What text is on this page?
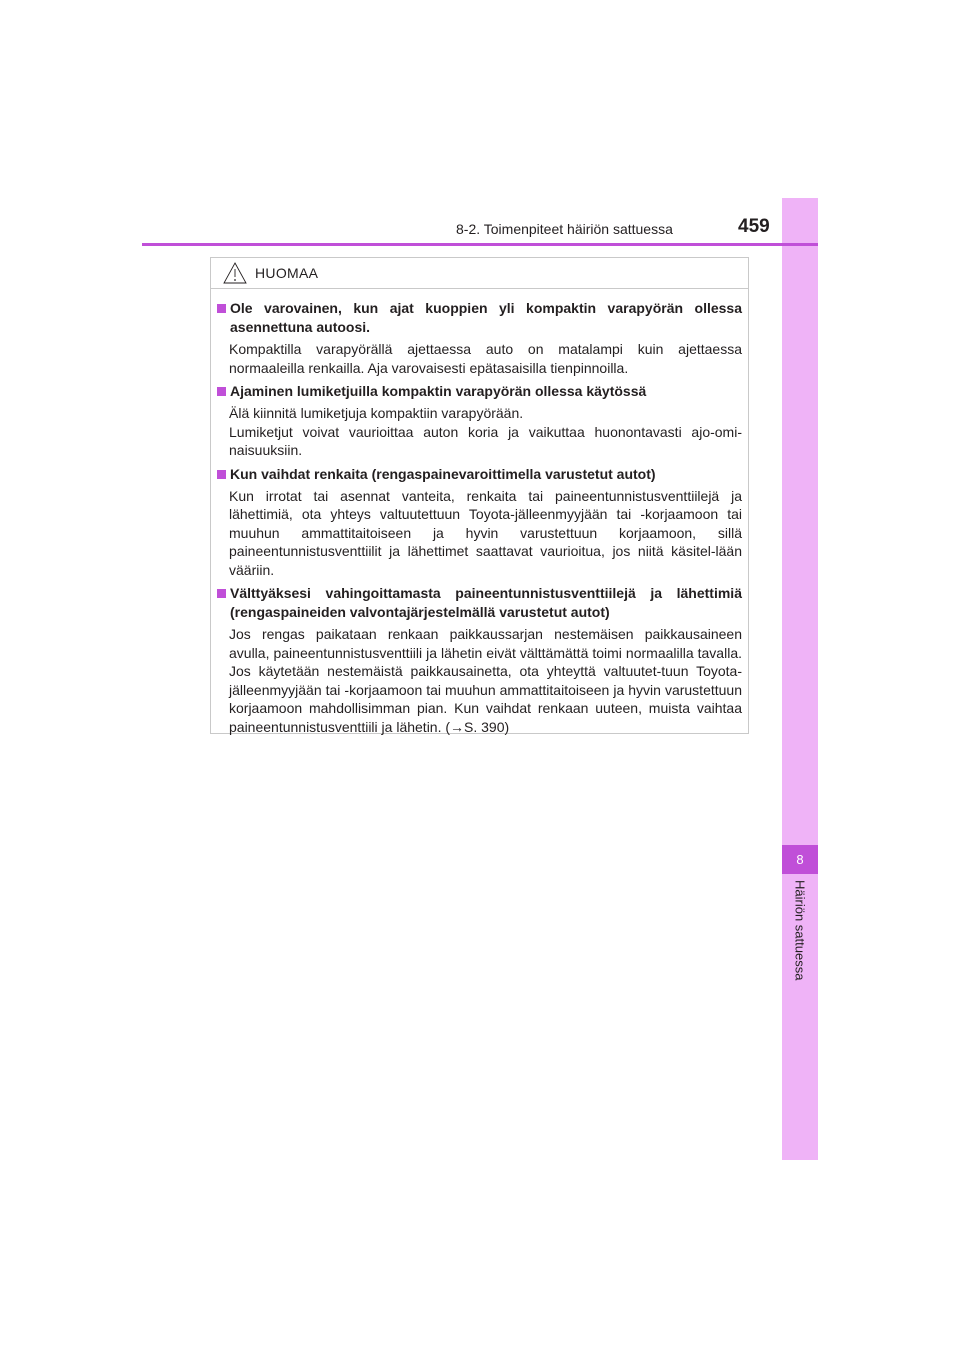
8
Häiriön sattuessa
8-2. Toimenpiteet häiriön sattuessa	459
HUOMAA
Ole varovainen, kun ajat kuoppien yli kompaktin varapyörän ollessa asennettuna autoosi.
Kompaktilla varapyörällä ajettaessa auto on matalampi kuin ajettaessa normaaleilla renkailla. Aja varovaisesti epätasaisilla tienpinnoilla.
Ajaminen lumiketjuilla kompaktin varapyörän ollessa käytössä
Älä kiinnitä lumiketjuja kompaktiin varapyörään.
Lumiketjut voivat vaurioittaa auton koria ja vaikuttaa huonontavasti ajo-omi-naisuuksiin.
Kun vaihdat renkaita (rengaspainevaroittimella varustetut autot)
Kun irrotat tai asennat vanteita, renkaita tai paineentunnistusventtiilejä ja lähettimiä, ota yhteys valtuutettuun Toyota-jälleenmyyjään tai -korjaamoon tai muuhun ammattitaitoiseen ja hyvin varustettuun korjaamoon, sillä paineentunnistusventtiilit ja lähettimet saattavat vaurioitua, jos niitä käsitel-lään vääriin.
Välttyäksesi vahingoittamasta paineentunnistusventtiilejä ja lähettimiä (rengaspaineiden valvontajärjestelmällä varustetut autot)
Jos rengas paikataan renkaan paikkaussarjan nestemäisen paikkausaineen avulla, paineentunnistusventtiili ja lähetin eivät välttämättä toimi normaalilla tavalla. Jos käytetään nestemäistä paikkausainetta, ota yhteyttä valtuutet-tuun Toyota-jälleenmyyjään tai -korjaamoon tai muuhun ammattitaitoiseen ja hyvin varustettuun korjaamoon mahdollisimman pian. Kun vaihdat renkaan uuteen, muista vaihtaa paineentunnistusventtiili ja lähetin. (→S. 390)
